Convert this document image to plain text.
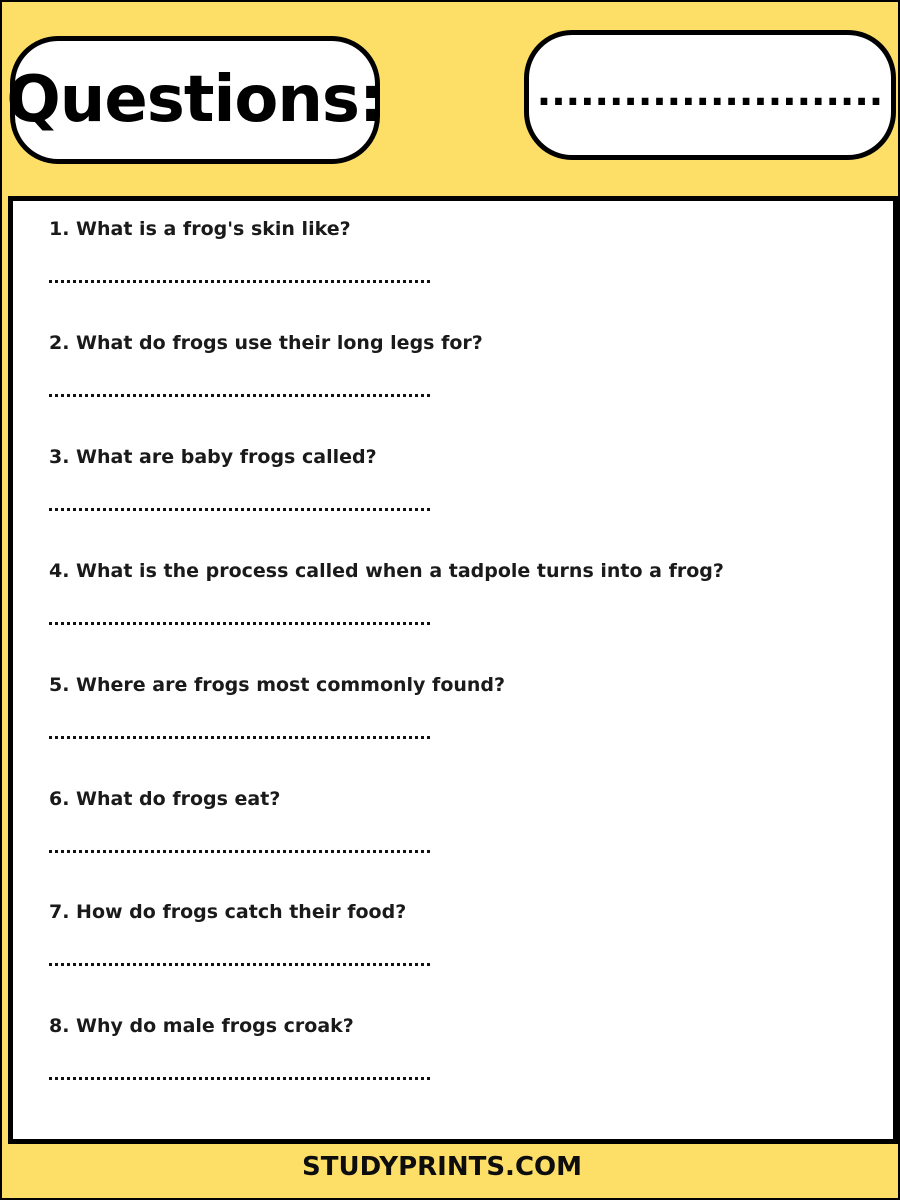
Questions:	........................
1. What is a frog's skin like?
2. What do frogs use their long legs for?
3. What are baby frogs called?
4. What is the process called when a tadpole turns into a frog?
5. Where are frogs most commonly found?
6. What do frogs eat?
7. How do frogs catch their food?
8. Why do male frogs croak?
STUDYPRINTS.COM
